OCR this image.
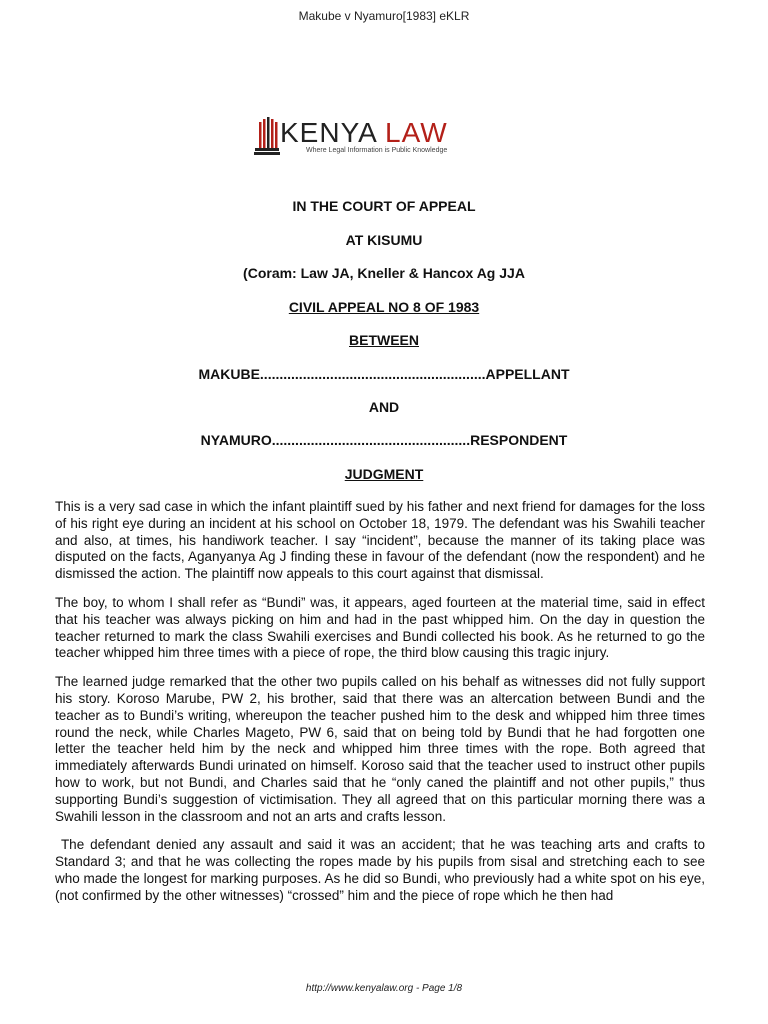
Makube v Nyamuro[1983] eKLR
KENYA LAW
Where Legal Information is Public Knowledge
IN THE COURT OF APPEAL
AT KISUMU
(Coram: Law JA, Kneller & Hancox Ag JJA
CIVIL APPEAL NO 8 OF 1983
BETWEEN
MAKUBE..........................................................APPELLANT
AND
NYAMURO...................................................RESPONDENT
JUDGMENT

This is a very sad case in which the infant plaintiff sued by his father and next friend for damages for the loss of his right eye during an incident at his school on October 18, 1979. The defendant was his Swahili teacher and also, at times, his handiwork teacher. I say “incident”, because the manner of its taking place was disputed on the facts, Aganyanya Ag J finding these in favour of the defendant (now the respondent) and he dismissed the action. The plaintiff now appeals to this court against that dismissal.

The boy, to whom I shall refer as “Bundi” was, it appears, aged fourteen at the material time, said in effect that his teacher was always picking on him and had in the past whipped him. On the day in question the teacher returned to mark the class Swahili exercises and Bundi collected his book. As he returned to go the teacher whipped him three times with a piece of rope, the third blow causing this tragic injury.

The learned judge remarked that the other two pupils called on his behalf as witnesses did not fully support his story. Koroso Marube, PW 2, his brother, said that there was an altercation between Bundi and the teacher as to Bundi’s writing, whereupon the teacher pushed him to the desk and whipped him three times round the neck, while Charles Mageto, PW 6, said that on being told by Bundi that he had forgotten one letter the teacher held him by the neck and whipped him three times with the rope. Both agreed that immediately afterwards Bundi urinated on himself. Koroso said that the teacher used to instruct other pupils how to work, but not Bundi, and Charles said that he “only caned the plaintiff and not other pupils,” thus supporting Bundi’s suggestion of victimisation. They all agreed that on this particular morning there was a Swahili lesson in the classroom and not an arts and crafts lesson.

The defendant denied any assault and said it was an accident; that he was teaching arts and crafts to Standard 3; and that he was collecting the ropes made by his pupils from sisal and stretching each to see who made the longest for marking purposes. As he did so Bundi, who previously had a white spot on his eye, (not confirmed by the other witnesses) “crossed” him and the piece of rope which he then had

http://www.kenyalaw.org - Page 1/8
